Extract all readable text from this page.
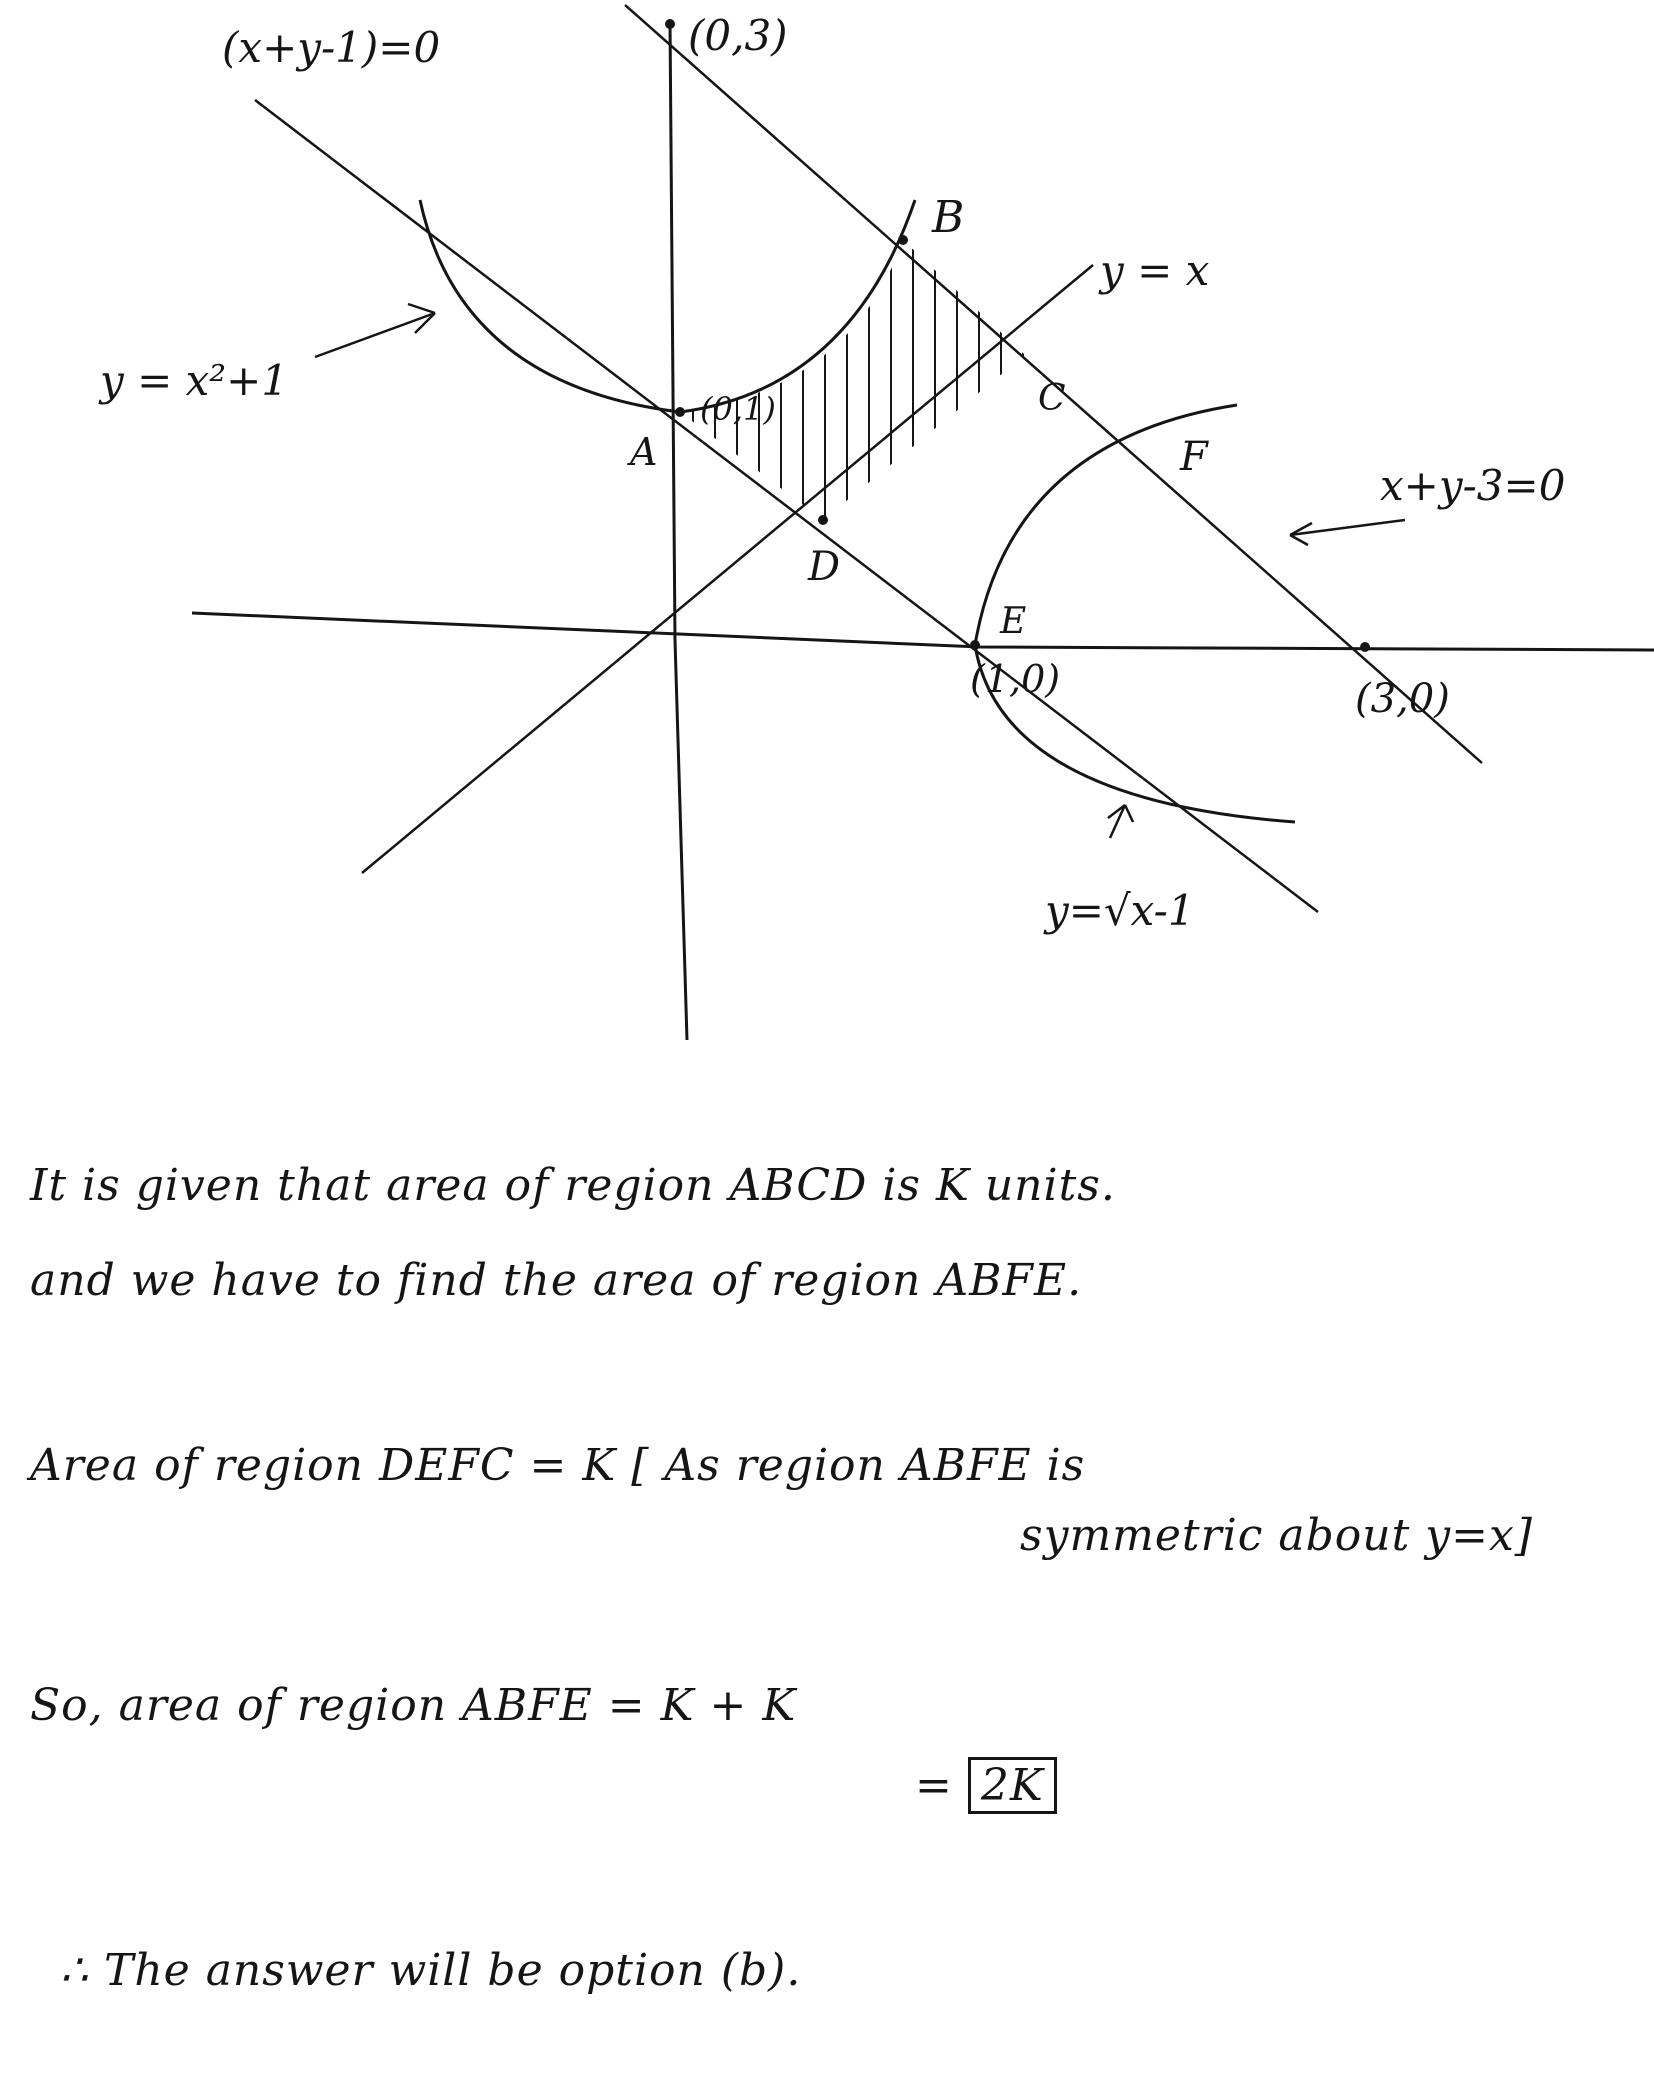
(x+y-1)=0	(0,3)
B
y = x
y = x²+1
(0,1)
A
C
F
x+y-3=0
D
E
(1,0)	(3,0)
y=√x-1
It is given that area of region ABCD is K units.
and we have to find the area of region ABFE.
Area of region DEFC = K [ As region ABFE is
symmetric about y=x]
So, area of region ABFE = K + K
= 2K
∴ The answer will be option (b).
